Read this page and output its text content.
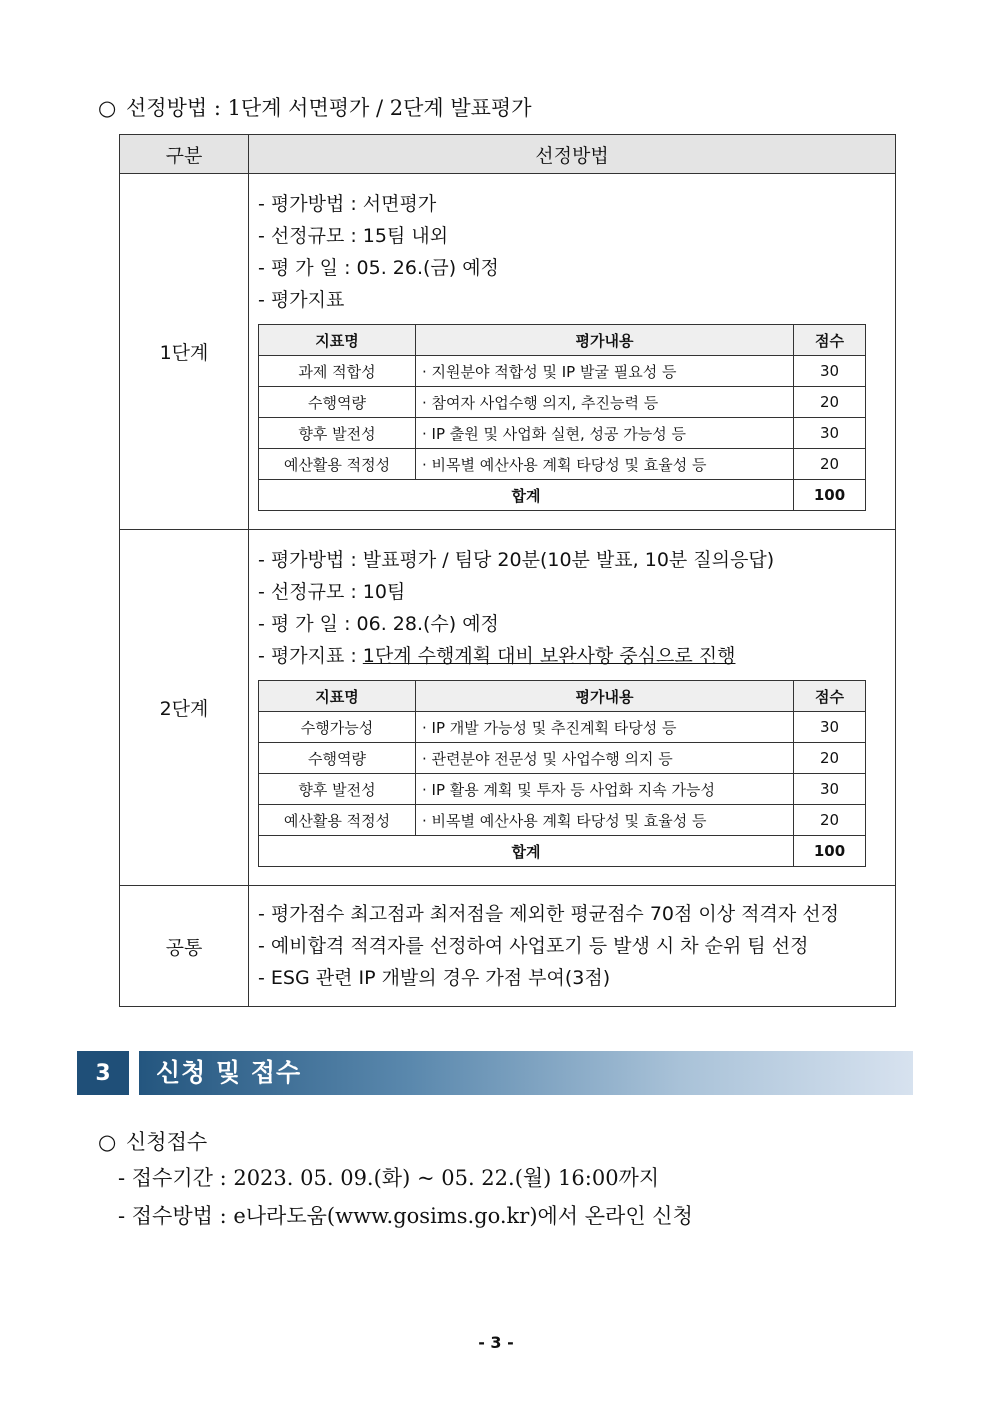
○ 선정방법 : 1단계 서면평가 / 2단계 발표평가
구분	선정방법
1단계	
- 평가방법 : 서면평가
- 선정규모 : 15팀 내외
- 평 가 일 : 05. 26.(금) 예정
- 평가지표
지표명	평가내용	점수
과제 적합성	· 지원분야 적합성 및 IP 발굴 필요성 등	30
수행역량	· 참여자 사업수행 의지, 추진능력 등	20
향후 발전성	· IP 출원 및 사업화 실현, 성공 가능성 등	30
예산활용 적정성	· 비목별 예산사용 계획 타당성 및 효율성 등	20
합계	100

2단계	
- 평가방법 : 발표평가 / 팀당 20분(10분 발표, 10분 질의응답)
- 선정규모 : 10팀
- 평 가 일 : 06. 28.(수) 예정
- 평가지표 : 1단계 수행계획 대비 보완사항 중심으로 진행
지표명	평가내용	점수
수행가능성	· IP 개발 가능성 및 추진계획 타당성 등	30
수행역량	· 관련분야 전문성 및 사업수행 의지 등	20
향후 발전성	· IP 활용 계획 및 투자 등 사업화 지속 가능성	30
예산활용 적정성	· 비목별 예산사용 계획 타당성 및 효율성 등	20
합계	100

공통	
- 평가점수 최고점과 최저점을 제외한 평균점수 70점 이상 적격자 선정
- 예비합격 적격자를 선정하여 사업포기 등 발생 시 차 순위 팀 선정
- ESG 관련 IP 개발의 경우 가점 부여(3점)
3	신청 및 접수
○ 신청접수
- 접수기간 : 2023. 05. 09.(화) ~ 05. 22.(월) 16:00까지
- 접수방법 : e나라도움(www.gosims.go.kr)에서 온라인 신청
- 3 -
